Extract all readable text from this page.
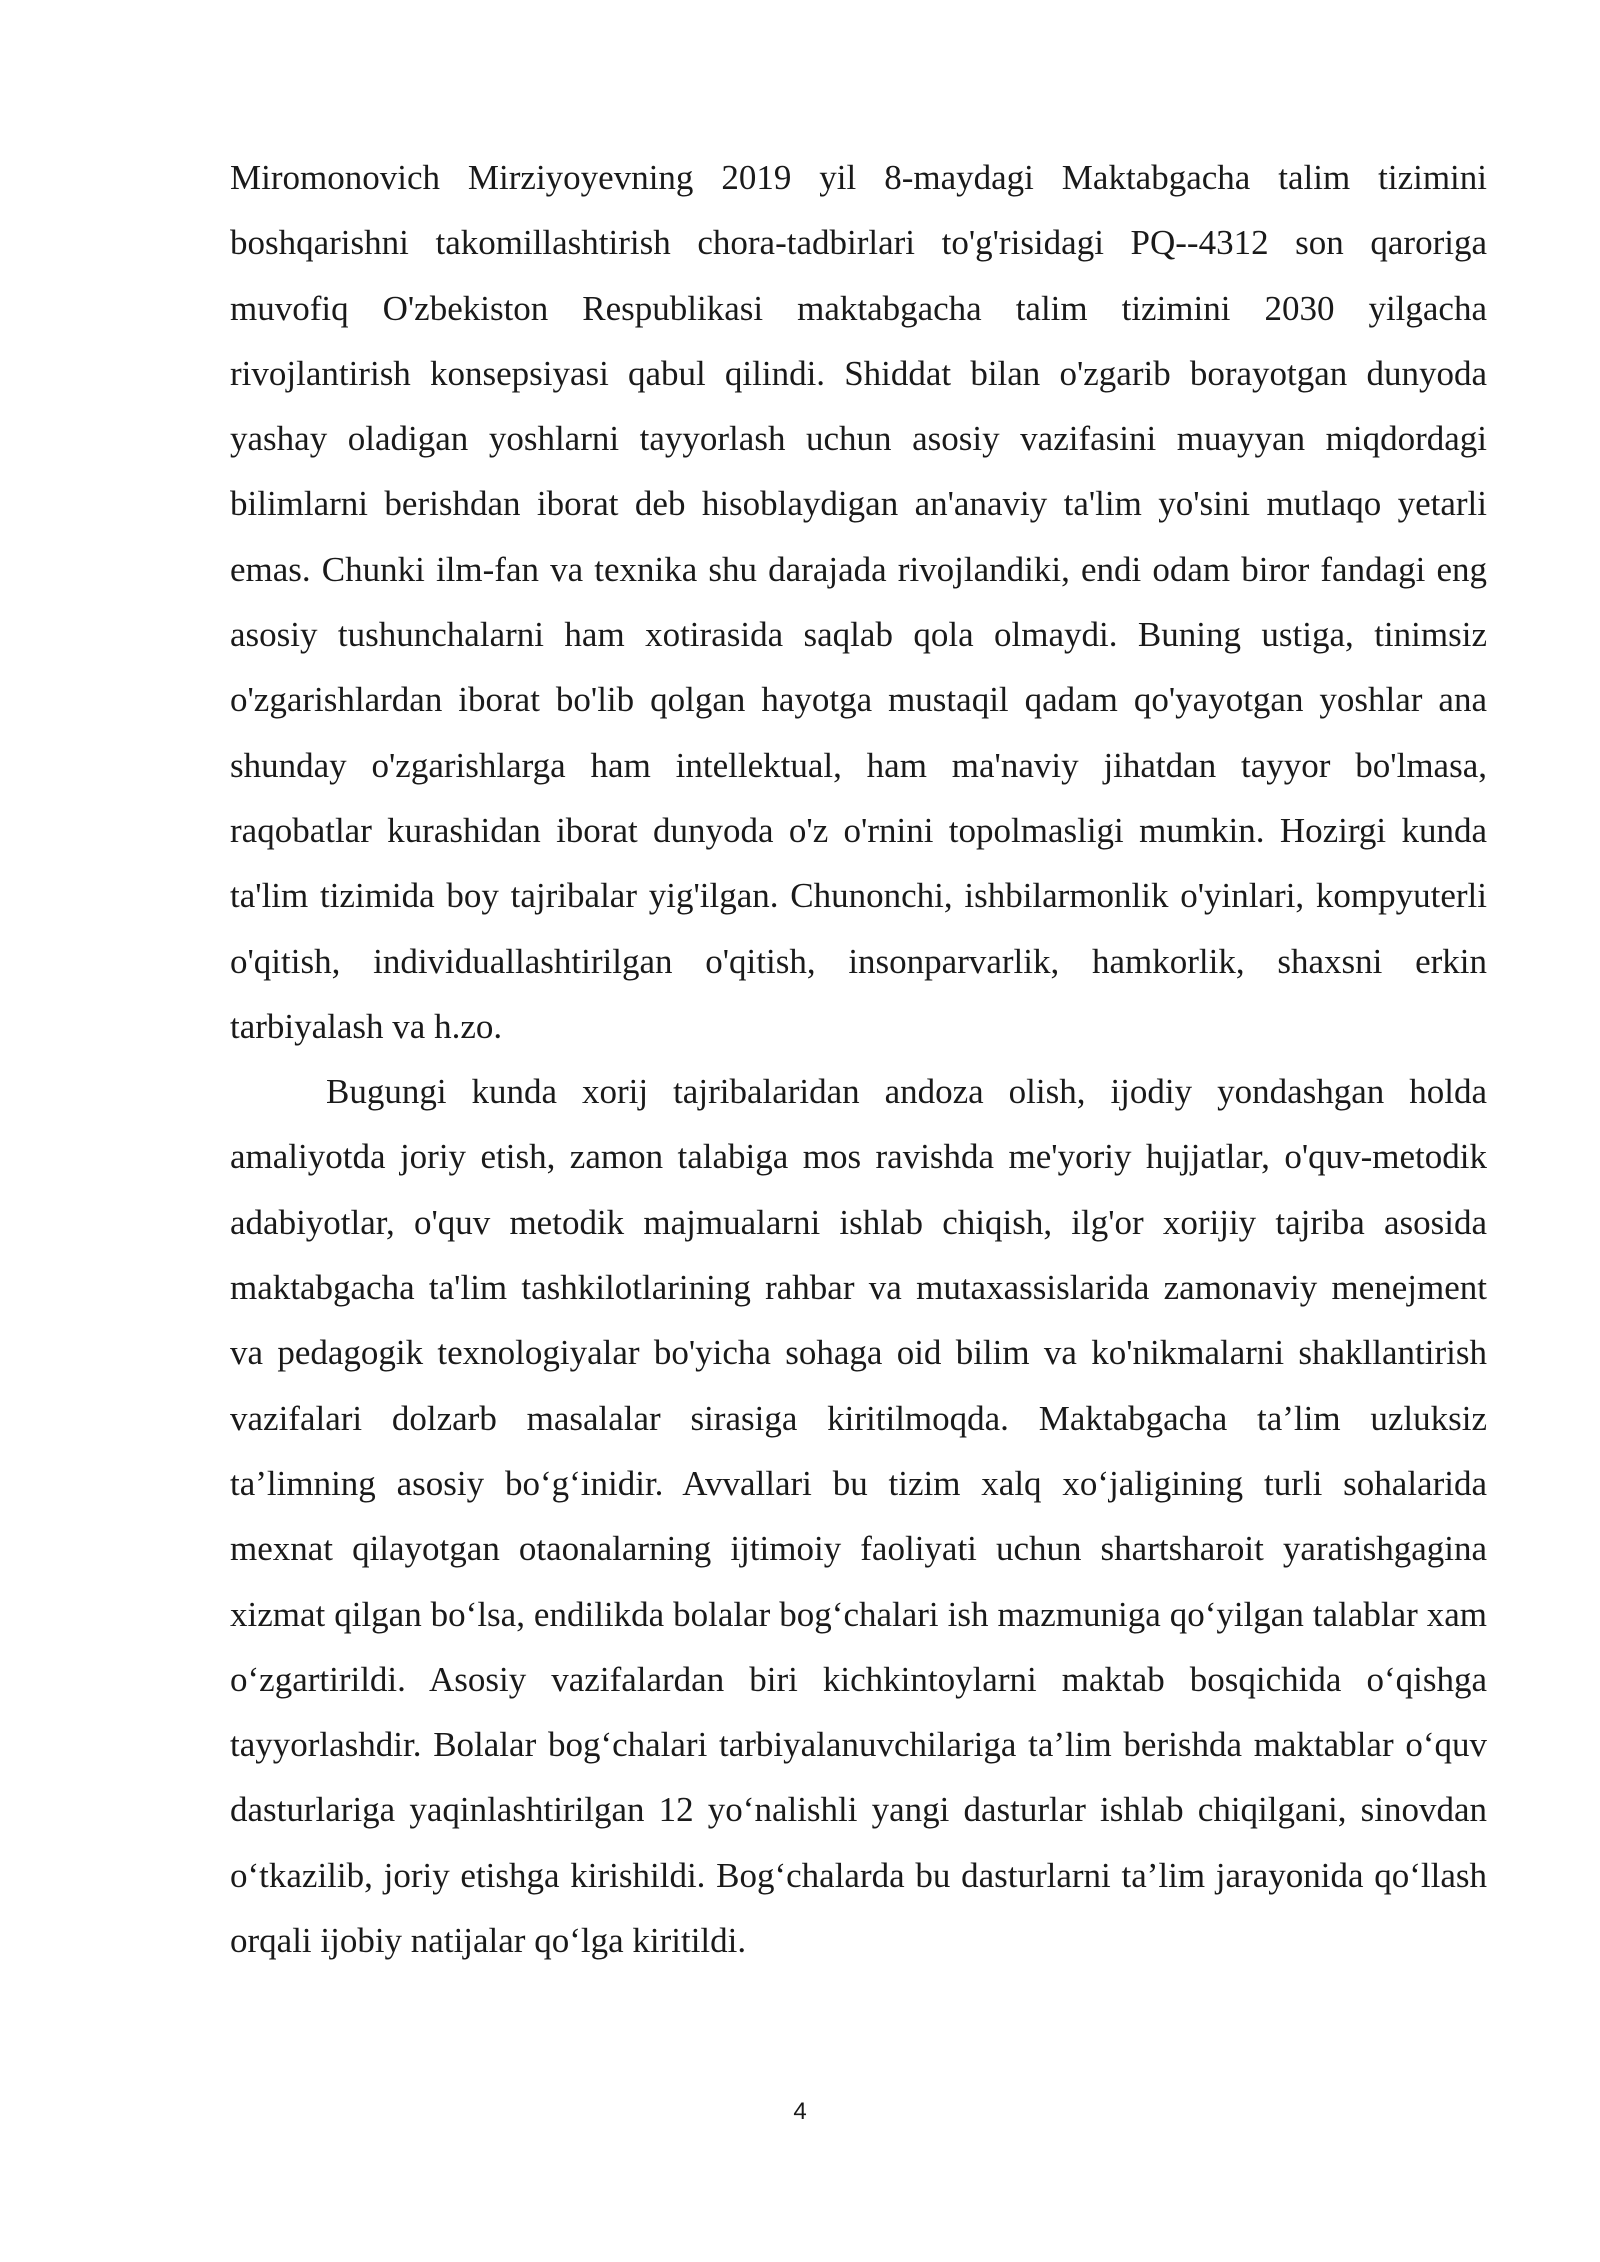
Miromonovich Mirziyoyevning 2019 yil 8-maydagi Maktabgacha talim tizimini boshqarishni takomillashtirish chora-tadbirlari to'g'risidagi PQ--4312 son qaroriga muvofiq O'zbekiston Respublikasi maktabgacha talim tizimini 2030 yilgacha rivojlantirish konsepsiyasi qabul qilindi. Shiddat bilan o'zgarib borayotgan dunyoda yashay oladigan yoshlarni tayyorlash uchun asosiy vazifasini muayyan miqdordagi bilimlarni berishdan iborat deb hisoblaydigan an'anaviy ta'lim yo'sini mutlaqo yetarli emas. Chunki ilm-fan va texnika shu darajada rivojlandiki, endi odam biror fandagi eng asosiy tushunchalarni ham xotirasida saqlab qola olmaydi. Buning ustiga, tinimsiz o'zgarishlardan iborat bo'lib qolgan hayotga mustaqil qadam qo'yayotgan yoshlar ana shunday o'zgarishlarga ham intellektual, ham ma'naviy jihatdan tayyor bo'lmasa, raqobatlar kurashidan iborat dunyoda o'z o'rnini topolmasligi mumkin. Hozirgi kunda ta'lim tizimida boy tajribalar yig'ilgan. Chunonchi, ishbilarmonlik o'yinlari, kompyuterli o'qitish, individuallashtirilgan o'qitish, insonparvarlik, hamkorlik, shaxsni erkin tarbiyalash va h.zo.

Bugungi kunda xorij tajribalaridan andoza olish, ijodiy yondashgan holda amaliyotda joriy etish, zamon talabiga mos ravishda me'yoriy hujjatlar, o'quv-metodik adabiyotlar, o'quv metodik majmualarni ishlab chiqish, ilg'or xorijiy tajriba asosida maktabgacha ta'lim tashkilotlarining rahbar va mutaxassislarida zamonaviy menejment va pedagogik texnologiyalar bo'yicha sohaga oid bilim va ko'nikmalarni shakllantirish vazifalari dolzarb masalalar sirasiga kiritilmoqda. Maktabgacha ta’lim uzluksiz ta’limning asosiy bo‘g‘inidir. Avvallari bu tizim xalq xo‘jaligining turli sohalarida mexnat qilayotgan otaonalarning ijtimoiy faoliyati uchun shartsharoit yaratishgagina xizmat qilgan bo‘lsa, endilikda bolalar bog‘chalari ish mazmuniga qo‘yilgan talablar xam o‘zgartirildi. Asosiy vazifalardan biri kichkintoylarni maktab bosqichida o‘qishga tayyorlashdir. Bolalar bog‘chalari tarbiyalanuvchilariga ta’lim berishda maktablar o‘quv dasturlariga yaqinlashtirilgan 12 yo‘nalishli yangi dasturlar ishlab chiqilgani, sinovdan o‘tkazilib, joriy etishga kirishildi. Bog‘chalarda bu dasturlarni ta’lim jarayonida qo‘llash orqali ijobiy natijalar qo‘lga kiritildi.

4
